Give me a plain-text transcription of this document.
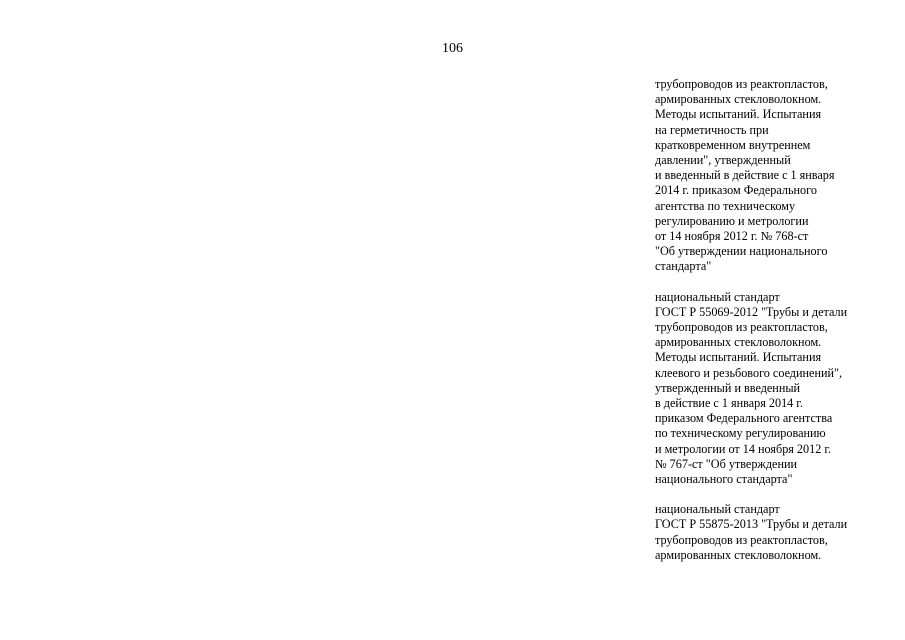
106
трубопроводов из реактопластов,
армированных стекловолокном.
Методы испытаний. Испытания
на герметичность при
кратковременном внутреннем
давлении", утвержденный
и введенный в действие с 1 января
2014 г. приказом Федерального
агентства по техническому
регулированию и метрологии
от 14 ноября 2012 г. № 768-ст
"Об утверждении национального
стандарта"
национальный стандарт
ГОСТ Р 55069-2012 "Трубы и детали
трубопроводов из реактопластов,
армированных стекловолокном.
Методы испытаний. Испытания
клеевого и резьбового соединений",
утвержденный и введенный
в действие с 1 января 2014 г.
приказом Федерального агентства
по техническому регулированию
и метрологии от 14 ноября 2012 г.
№ 767-ст "Об утверждении
национального стандарта"
национальный стандарт
ГОСТ Р 55875-2013 "Трубы и детали
трубопроводов из реактопластов,
армированных стекловолокном.
